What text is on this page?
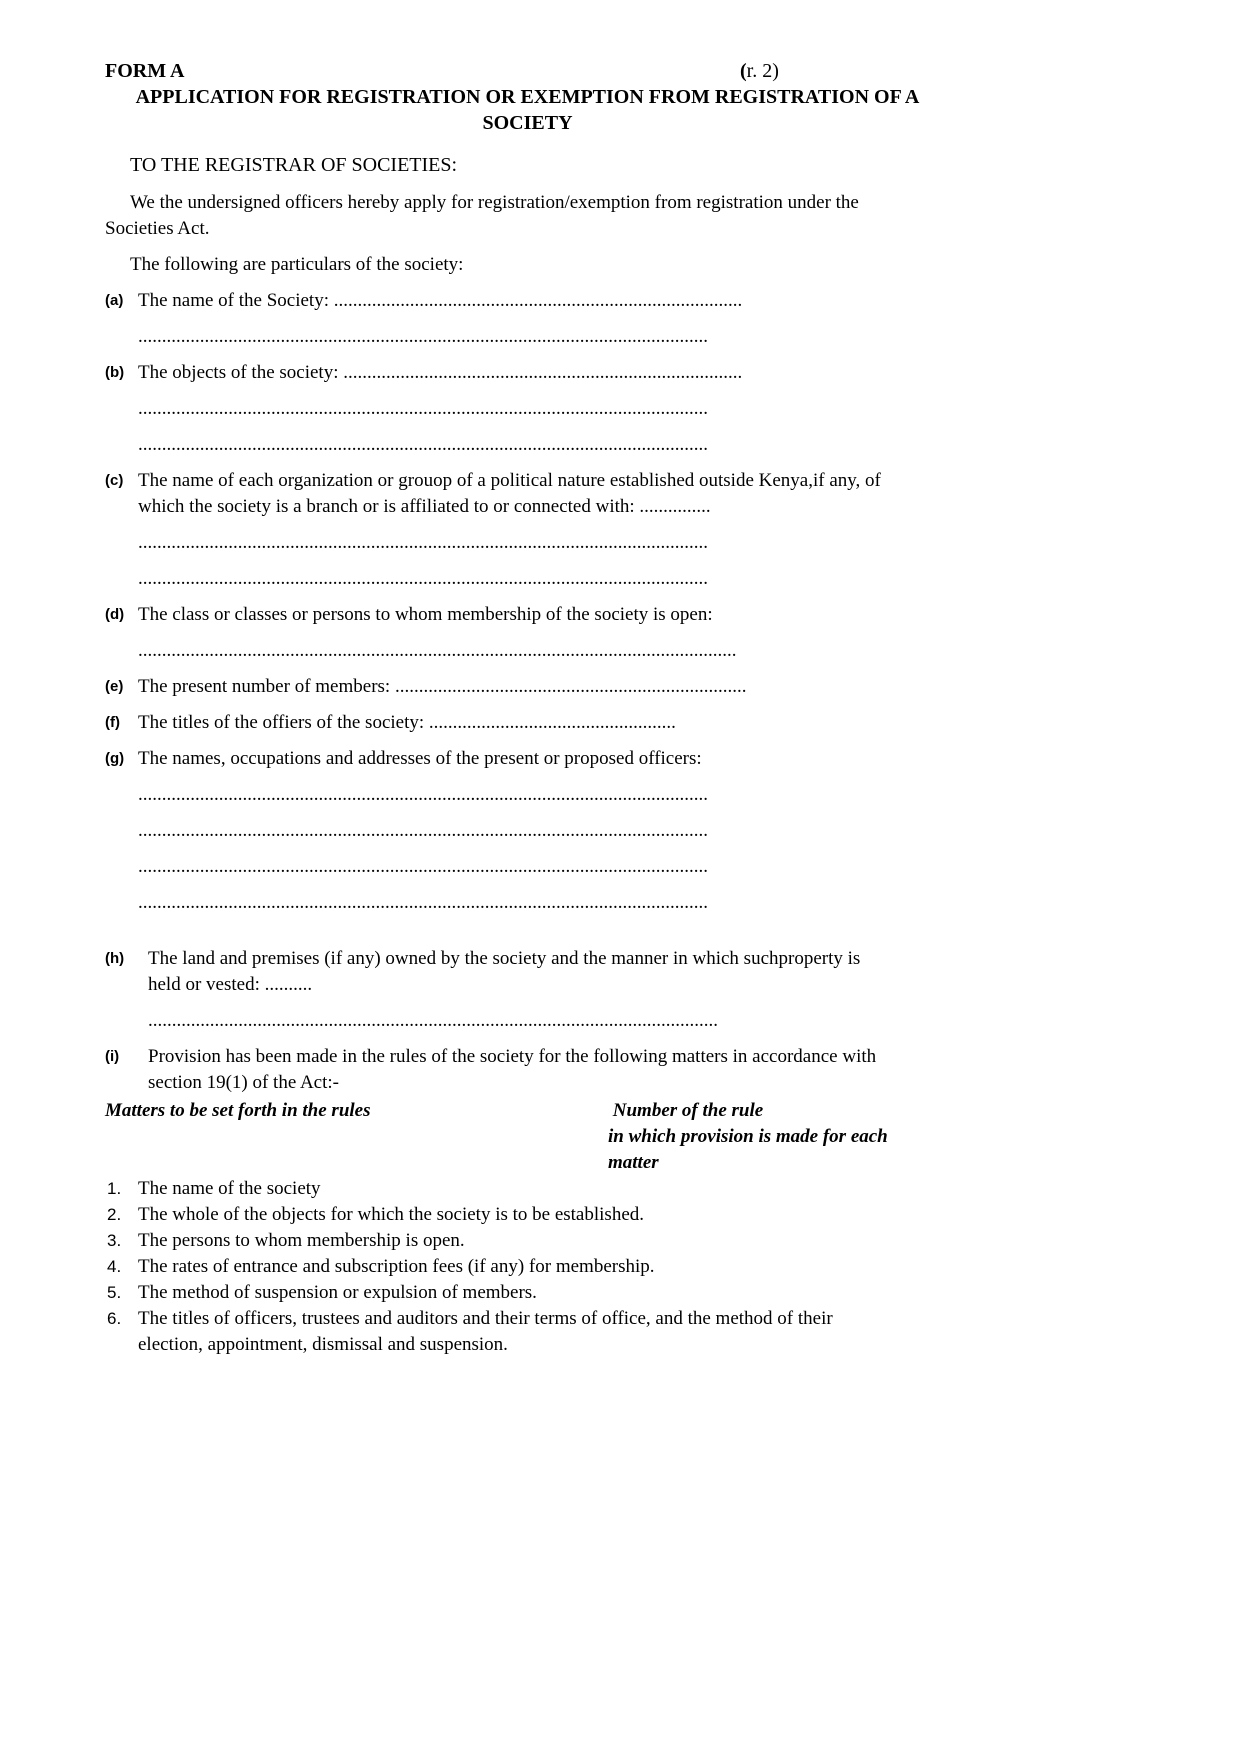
FORM A	(r. 2)
APPLICATION FOR REGISTRATION OR EXEMPTION FROM REGISTRATION OF A
SOCIETY
TO THE REGISTRAR OF SOCIETIES:
We the undersigned officers hereby apply for registration/exemption from registration under the
Societies Act.
The following are particulars of the society:
(a) The name of the Society: ......................................................................................
........................................................................................................................
(b) The objects of the society: ....................................................................................
........................................................................................................................
........................................................................................................................
(c) The name of each organization or grouop of a political nature established outside Kenya,if any, of
which the society is a branch or is affiliated to or connected with: ...............
........................................................................................................................
........................................................................................................................
(d) The class or classes or persons to whom membership of the society is open:
..............................................................................................................................
(e) The present number of members: ..........................................................................
(f) The titles of the offiers of the society: ....................................................
(g) The names, occupations and addresses of the present or proposed officers:
........................................................................................................................
........................................................................................................................
........................................................................................................................
........................................................................................................................
(h)	The land and premises (if any) owned by the society and the manner in which suchproperty is
held or vested: ..........
........................................................................................................................
(i)	Provision has been made in the rules of the society for the following matters in accordance with
section 19(1) of the Act:-
Matters to be set forth in the rules	Number of the rule
in which provision is made for each
matter
1. The name of the society
2. The whole of the objects for which the society is to be established.
3. The persons to whom membership is open.
4. The rates of entrance and subscription fees (if any) for membership.
5. The method of suspension or expulsion of members.
6. The titles of officers, trustees and auditors and their terms of office, and the method of their
election, appointment, dismissal and suspension.
